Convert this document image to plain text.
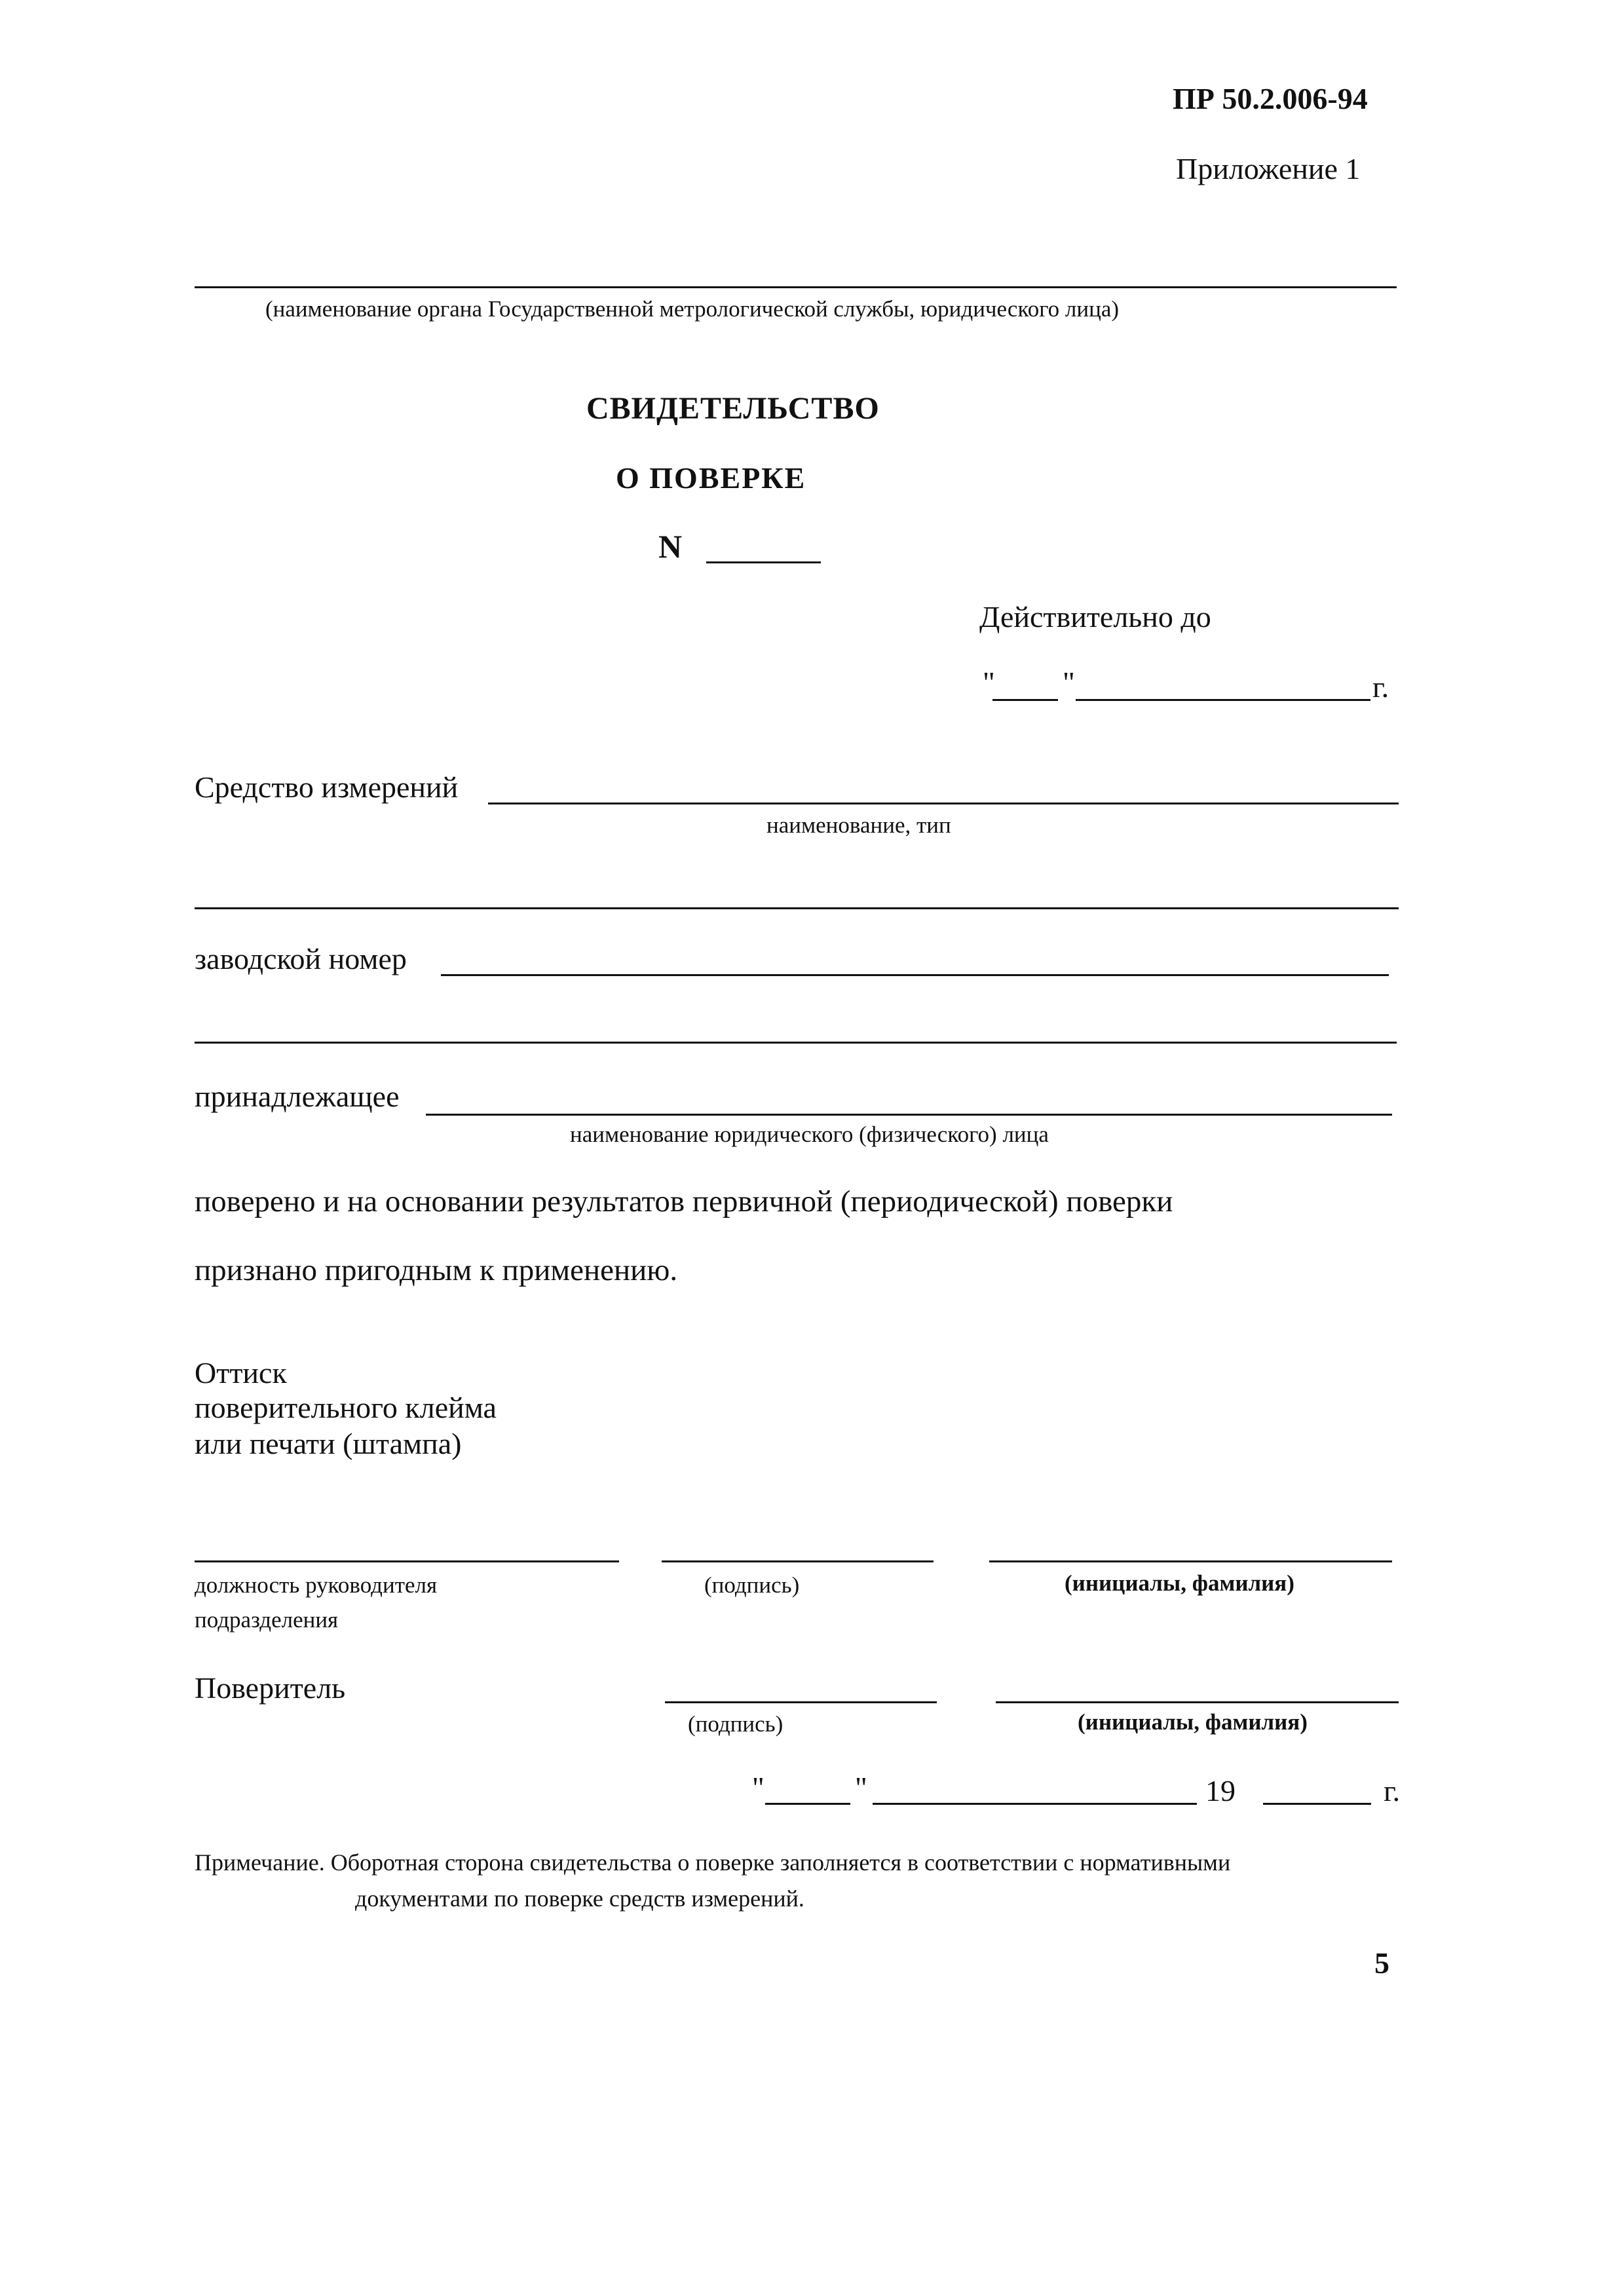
ПР 50.2.006-94
Приложение 1
(наименование органа Государственной метрологической службы, юридического лица)
СВИДЕТЕЛЬСТВО
О ПОВЕРКЕ
N
Действительно до
" "	г.
Средство измерений
наименование, тип
заводской номер
принадлежащее
наименование юридического (физического) лица
поверено и на основании результатов первичной (периодической) поверки
признано пригодным к применению.
Оттиск
поверительного клейма
или печати (штампа)
должность руководителя
подразделения
(подпись)	(инициалы, фамилия)
Поверитель
(подпись)	(инициалы, фамилия)
"	"	19	г.
Примечание. Оборотная сторона свидетельства о поверке заполняется в соответствии с нормативными
документами по поверке средств измерений.
5
